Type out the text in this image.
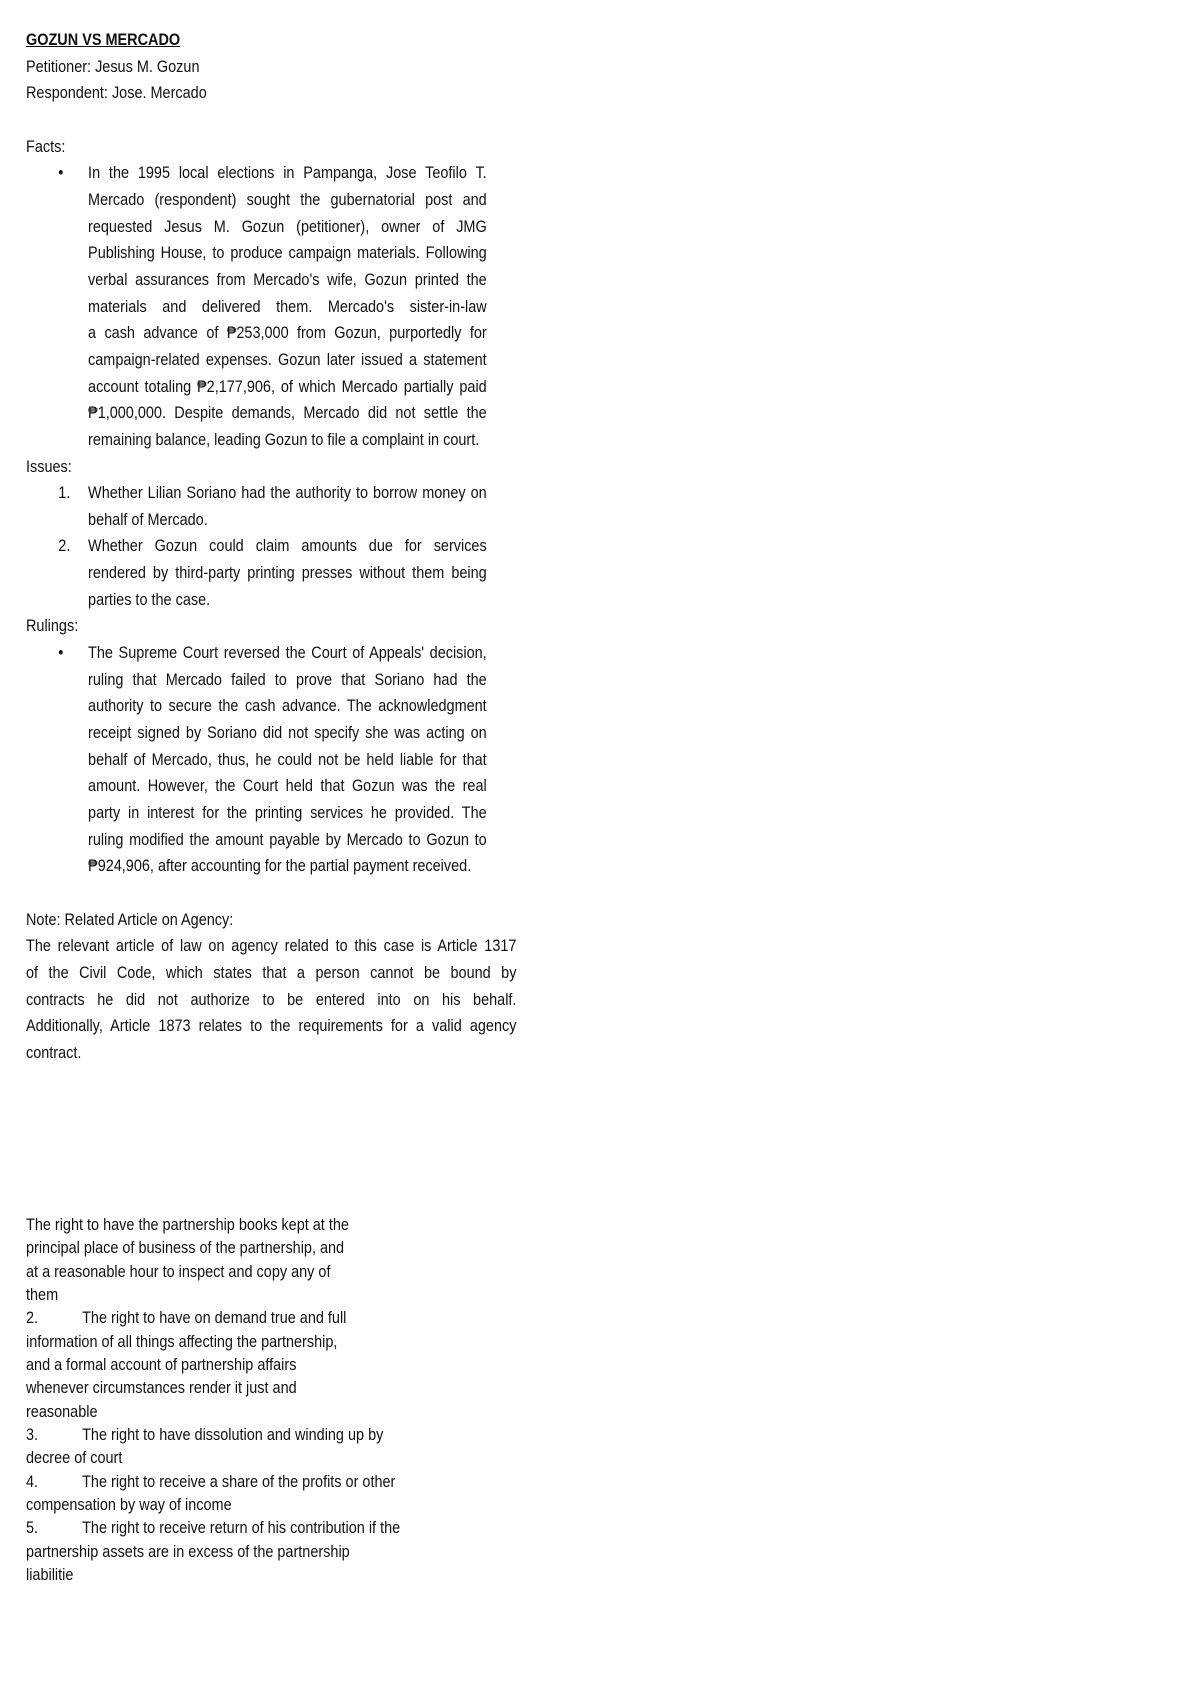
GOZUN VS MERCADO
Petitioner: Jesus M. Gozun
Respondent: Jose. Mercado
Facts:
• In the 1995 local elections in Pampanga, Jose Teofilo T.
Mercado (respondent) sought the gubernatorial post and
requested Jesus M. Gozun (petitioner), owner of JMG
Publishing House, to produce campaign materials. Following
verbal assurances from Mercado's wife, Gozun printed the
materials and delivered them. Mercado's sister-in-law
a cash advance of ₱253,000 from Gozun, purportedly for
campaign-related expenses. Gozun later issued a statement
account totaling ₱2,177,906, of which Mercado partially paid
₱1,000,000. Despite demands, Mercado did not settle the
remaining balance, leading Gozun to file a complaint in court.
Issues:
1. Whether Lilian Soriano had the authority to borrow money on
behalf of Mercado.
2. Whether Gozun could claim amounts due for services
rendered by third-party printing presses without them being
parties to the case.
Rulings:
• The Supreme Court reversed the Court of Appeals' decision,
ruling that Mercado failed to prove that Soriano had the
authority to secure the cash advance. The acknowledgment
receipt signed by Soriano did not specify she was acting on
behalf of Mercado, thus, he could not be held liable for that
amount. However, the Court held that Gozun was the real
party in interest for the printing services he provided. The
ruling modified the amount payable by Mercado to Gozun to
₱924,906, after accounting for the partial payment received.
Note: Related Article on Agency:
The relevant article of law on agency related to this case is Article 1317
of the Civil Code, which states that a person cannot be bound by
contracts he did not authorize to be entered into on his behalf.
Additionally, Article 1873 relates to the requirements for a valid agency
contract.
The right to have the partnership books kept at the
principal place of business of the partnership, and
at a reasonable hour to inspect and copy any of
them
2.	The right to have on demand true and full
information of all things affecting the partnership,
and a formal account of partnership affairs
whenever circumstances render it just and
reasonable
3.	The right to have dissolution and winding up by
decree of court
4.	The right to receive a share of the profits or other
compensation by way of income
5.	The right to receive return of his contribution if the
partnership assets are in excess of the partnership
liabilitie
